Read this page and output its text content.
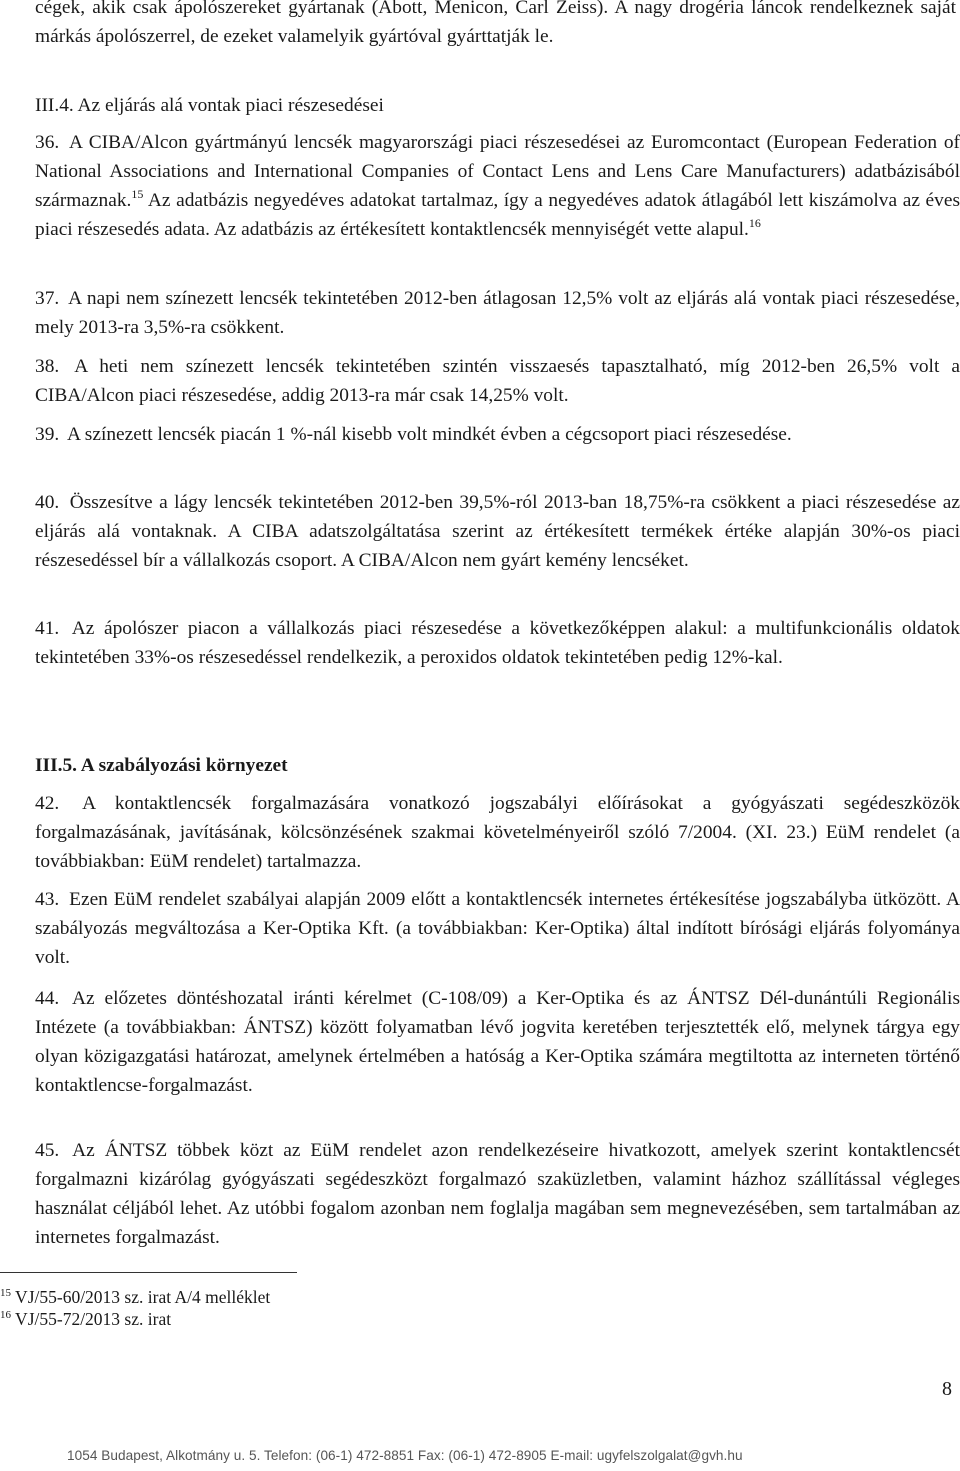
cégek, akik csak ápolószereket gyártanak (Abott, Menicon, Carl Zeiss). A nagy drogéria láncok rendelkeznek saját márkás ápolószerrel, de ezeket valamelyik gyártóval gyárttatják le.
III.4. Az eljárás alá vontak piaci részesedései
36. A CIBA/Alcon gyártmányú lencsék magyarországi piaci részesedései az Euromcontact (European Federation of National Associations and International Companies of Contact Lens and Lens Care Manufacturers) adatbázisából származnak.$^{15}$ Az adatbázis negyedéves adatokat tartalmaz, így a negyedéves adatok átlagából lett kiszámolva az éves piaci részesedés adata. Az adatbázis az értékesített kontaktlencsék mennyiségét vette alapul.$^{16}$
37. A napi nem színezett lencsék tekintetében 2012-ben átlagosan 12,5% volt az eljárás alá vontak piaci részesedése, mely 2013-ra 3,5%-ra csökkent.
38. A heti nem színezett lencsék tekintetében szintén visszaesés tapasztalható, míg 2012-ben 26,5% volt a CIBA/Alcon piaci részesedése, addig 2013-ra már csak 14,25% volt.
39. A színezett lencsék piacán 1 %-nál kisebb volt mindkét évben a cégcsoport piaci részesedése.
40. Összesítve a lágy lencsék tekintetében 2012-ben 39,5%-ról 2013-ban 18,75%-ra csökkent a piaci részesedése az eljárás alá vontaknak. A CIBA adatszolgáltatása szerint az értékesített termékek értéke alapján 30%-os piaci részesedéssel bír a vállalkozás csoport. A CIBA/Alcon nem gyárt kemény lencséket.
41. Az ápolószer piacon a vállalkozás piaci részesedése a következőképpen alakul: a multifunkcionális oldatok tekintetében 33%-os részesedéssel rendelkezik, a peroxidos oldatok tekintetében pedig 12%-kal.
III.5. A szabályozási környezet
42. A kontaktlencsék forgalmazására vonatkozó jogszabályi előírásokat a gyógyászati segédeszközök forgalmazásának, javításának, kölcsönzésének szakmai követelményeiről szóló 7/2004. (XI. 23.) EüM rendelet (a továbbiakban: EüM rendelet) tartalmazza.
43. Ezen EüM rendelet szabályai alapján 2009 előtt a kontaktlencsék internetes értékesítése jogszabályba ütközött. A szabályozás megváltozása a Ker-Optika Kft. (a továbbiakban: Ker-Optika) által indított bírósági eljárás folyománya volt.
44. Az előzetes döntéshozatal iránti kérelmet (C-108/09) a Ker-Optika és az ÁNTSZ Dél-dunántúli Regionális Intézete (a továbbiakban: ÁNTSZ) között folyamatban lévő jogvita keretében terjesztették elő, melynek tárgya egy olyan közigazgatási határozat, amelynek értelmében a hatóság a Ker-Optika számára megtiltotta az interneten történő kontaktlencse-forgalmazást.
45. Az ÁNTSZ többek közt az EüM rendelet azon rendelkezéseire hivatkozott, amelyek szerint kontaktlencsét forgalmazni kizárólag gyógyászati segédeszközt forgalmazó szaküzletben, valamint házhoz szállítással végleges használat céljából lehet. Az utóbbi fogalom azonban nem foglalja magában sem megnevezésében, sem tartalmában az internetes forgalmazást.
$^{15}$ VJ/55-60/2013 sz. irat A/4 melléklet
$^{16}$ VJ/55-72/2013 sz. irat
8
1054 Budapest, Alkotmány u. 5. Telefon: (06-1) 472-8851 Fax: (06-1) 472-8905 E-mail: ugyfelszolgalat@gvh.hu
